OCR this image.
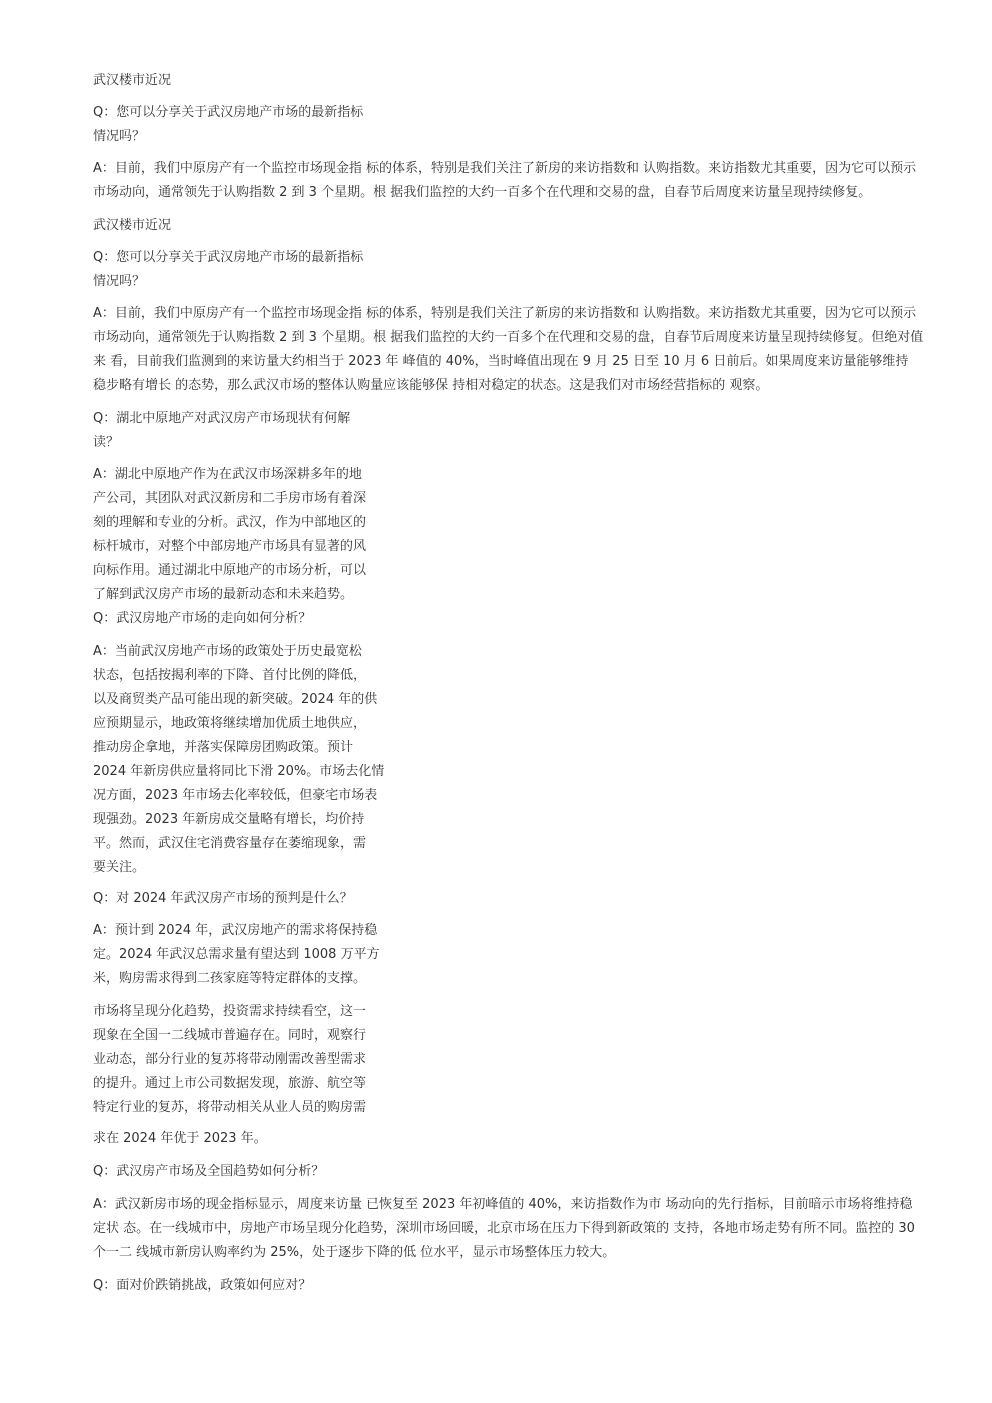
武汉楼市近况

Q：您可以分享关于武汉房地产市场的最新指标
情况吗？

A：目前，我们中原房产有一个监控市场现金指 标的体系，特别是我们关注了新房的来访指数和 认购指数。来访指数尤其重要，因为它可以预示
市场动向，通常领先于认购指数 2 到 3 个星期。根 据我们监控的大约一百多个在代理和交易的盘，自春节后周度来访量呈现持续修复。

武汉楼市近况

Q：您可以分享关于武汉房地产市场的最新指标
情况吗？

A：目前，我们中原房产有一个监控市场现金指 标的体系，特别是我们关注了新房的来访指数和 认购指数。来访指数尤其重要，因为它可以预示
市场动向，通常领先于认购指数 2 到 3 个星期。根 据我们监控的大约一百多个在代理和交易的盘，自春节后周度来访量呈现持续修复。但绝对值
来 看，目前我们监测到的来访量大约相当于 2023 年 峰值的 40%，当时峰值出现在 9 月 25 日至 10 月 6 日前后。如果周度来访量能够维持
稳步略有增长 的态势，那么武汉市场的整体认购量应该能够保 持相对稳定的状态。这是我们对市场经营指标的 观察。

Q：湖北中原地产对武汉房产市场现状有何解
读？

A：湖北中原地产作为在武汉市场深耕多年的地
产公司，其团队对武汉新房和二手房市场有着深
刻的理解和专业的分析。武汉，作为中部地区的
标杆城市，对整个中部房地产市场具有显著的风
向标作用。通过湖北中原地产的市场分析，可以
了解到武汉房产市场的最新动态和未来趋势。

Q：武汉房地产市场的走向如何分析？

A：当前武汉房地产市场的政策处于历史最宽松
状态，包括按揭利率的下降、首付比例的降低，
以及商贸类产品可能出现的新突破。2024 年的供
应预期显示，地政策将继续增加优质土地供应，
推动房企拿地，并落实保障房团购政策。预计
2024 年新房供应量将同比下滑 20%。市场去化情
况方面，2023 年市场去化率较低，但豪宅市场表
现强劲。2023 年新房成交量略有增长，均价持
平。然而，武汉住宅消费容量存在萎缩现象，需
要关注。

Q：对 2024 年武汉房产市场的预判是什么？

A：预计到 2024 年，武汉房地产的需求将保持稳
定。2024 年武汉总需求量有望达到 1008 万平方
米，购房需求得到二孩家庭等特定群体的支撑。

市场将呈现分化趋势，投资需求持续看空，这一
现象在全国一二线城市普遍存在。同时，观察行
业动态，部分行业的复苏将带动刚需改善型需求
的提升。通过上市公司数据发现，旅游、航空等
特定行业的复苏，将带动相关从业人员的购房需

求在 2024 年优于 2023 年。

Q：武汉房产市场及全国趋势如何分析？

A：武汉新房市场的现金指标显示，周度来访量 已恢复至 2023 年初峰值的 40%，来访指数作为市 场动向的先行指标，目前暗示市场将维持稳
定状 态。在一线城市中，房地产市场呈现分化趋势，深圳市场回暖，北京市场在压力下得到新政策的 支持，各地市场走势有所不同。监控的 30
个一二 线城市新房认购率约为 25%，处于逐步下降的低 位水平，显示市场整体压力较大。

Q：面对价跌销挑战，政策如何应对？
